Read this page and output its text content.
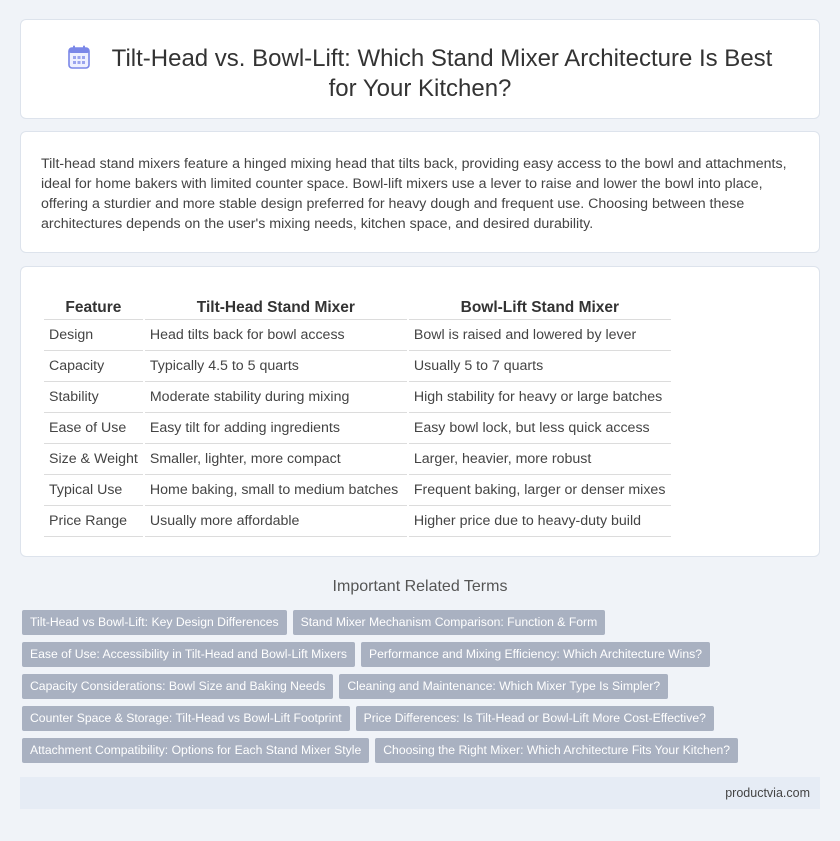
Tilt-Head vs. Bowl-Lift: Which Stand Mixer Architecture Is Best for Your Kitchen?

Tilt-head stand mixers feature a hinged mixing head that tilts back, providing easy access to the bowl and attachments, ideal for home bakers with limited counter space. Bowl-lift mixers use a lever to raise and lower the bowl into place, offering a sturdier and more stable design preferred for heavy dough and frequent use. Choosing between these architectures depends on the user's mixing needs, kitchen space, and desired durability.

Feature	Tilt-Head Stand Mixer	Bowl-Lift Stand Mixer
Design	Head tilts back for bowl access	Bowl is raised and lowered by lever
Capacity	Typically 4.5 to 5 quarts	Usually 5 to 7 quarts
Stability	Moderate stability during mixing	High stability for heavy or large batches
Ease of Use	Easy tilt for adding ingredients	Easy bowl lock, but less quick access
Size & Weight	Smaller, lighter, more compact	Larger, heavier, more robust
Typical Use	Home baking, small to medium batches	Frequent baking, larger or denser mixes
Price Range	Usually more affordable	Higher price due to heavy-duty build
Important Related Terms
Tilt-Head vs Bowl-Lift: Key Design Differences Stand Mixer Mechanism Comparison: Function & Form
Ease of Use: Accessibility in Tilt-Head and Bowl-Lift Mixers Performance and Mixing Efficiency: Which Architecture Wins?
Capacity Considerations: Bowl Size and Baking Needs Cleaning and Maintenance: Which Mixer Type Is Simpler?
Counter Space & Storage: Tilt-Head vs Bowl-Lift Footprint Price Differences: Is Tilt-Head or Bowl-Lift More Cost-Effective?
Attachment Compatibility: Options for Each Stand Mixer Style Choosing the Right Mixer: Which Architecture Fits Your Kitchen?
productvia.com
